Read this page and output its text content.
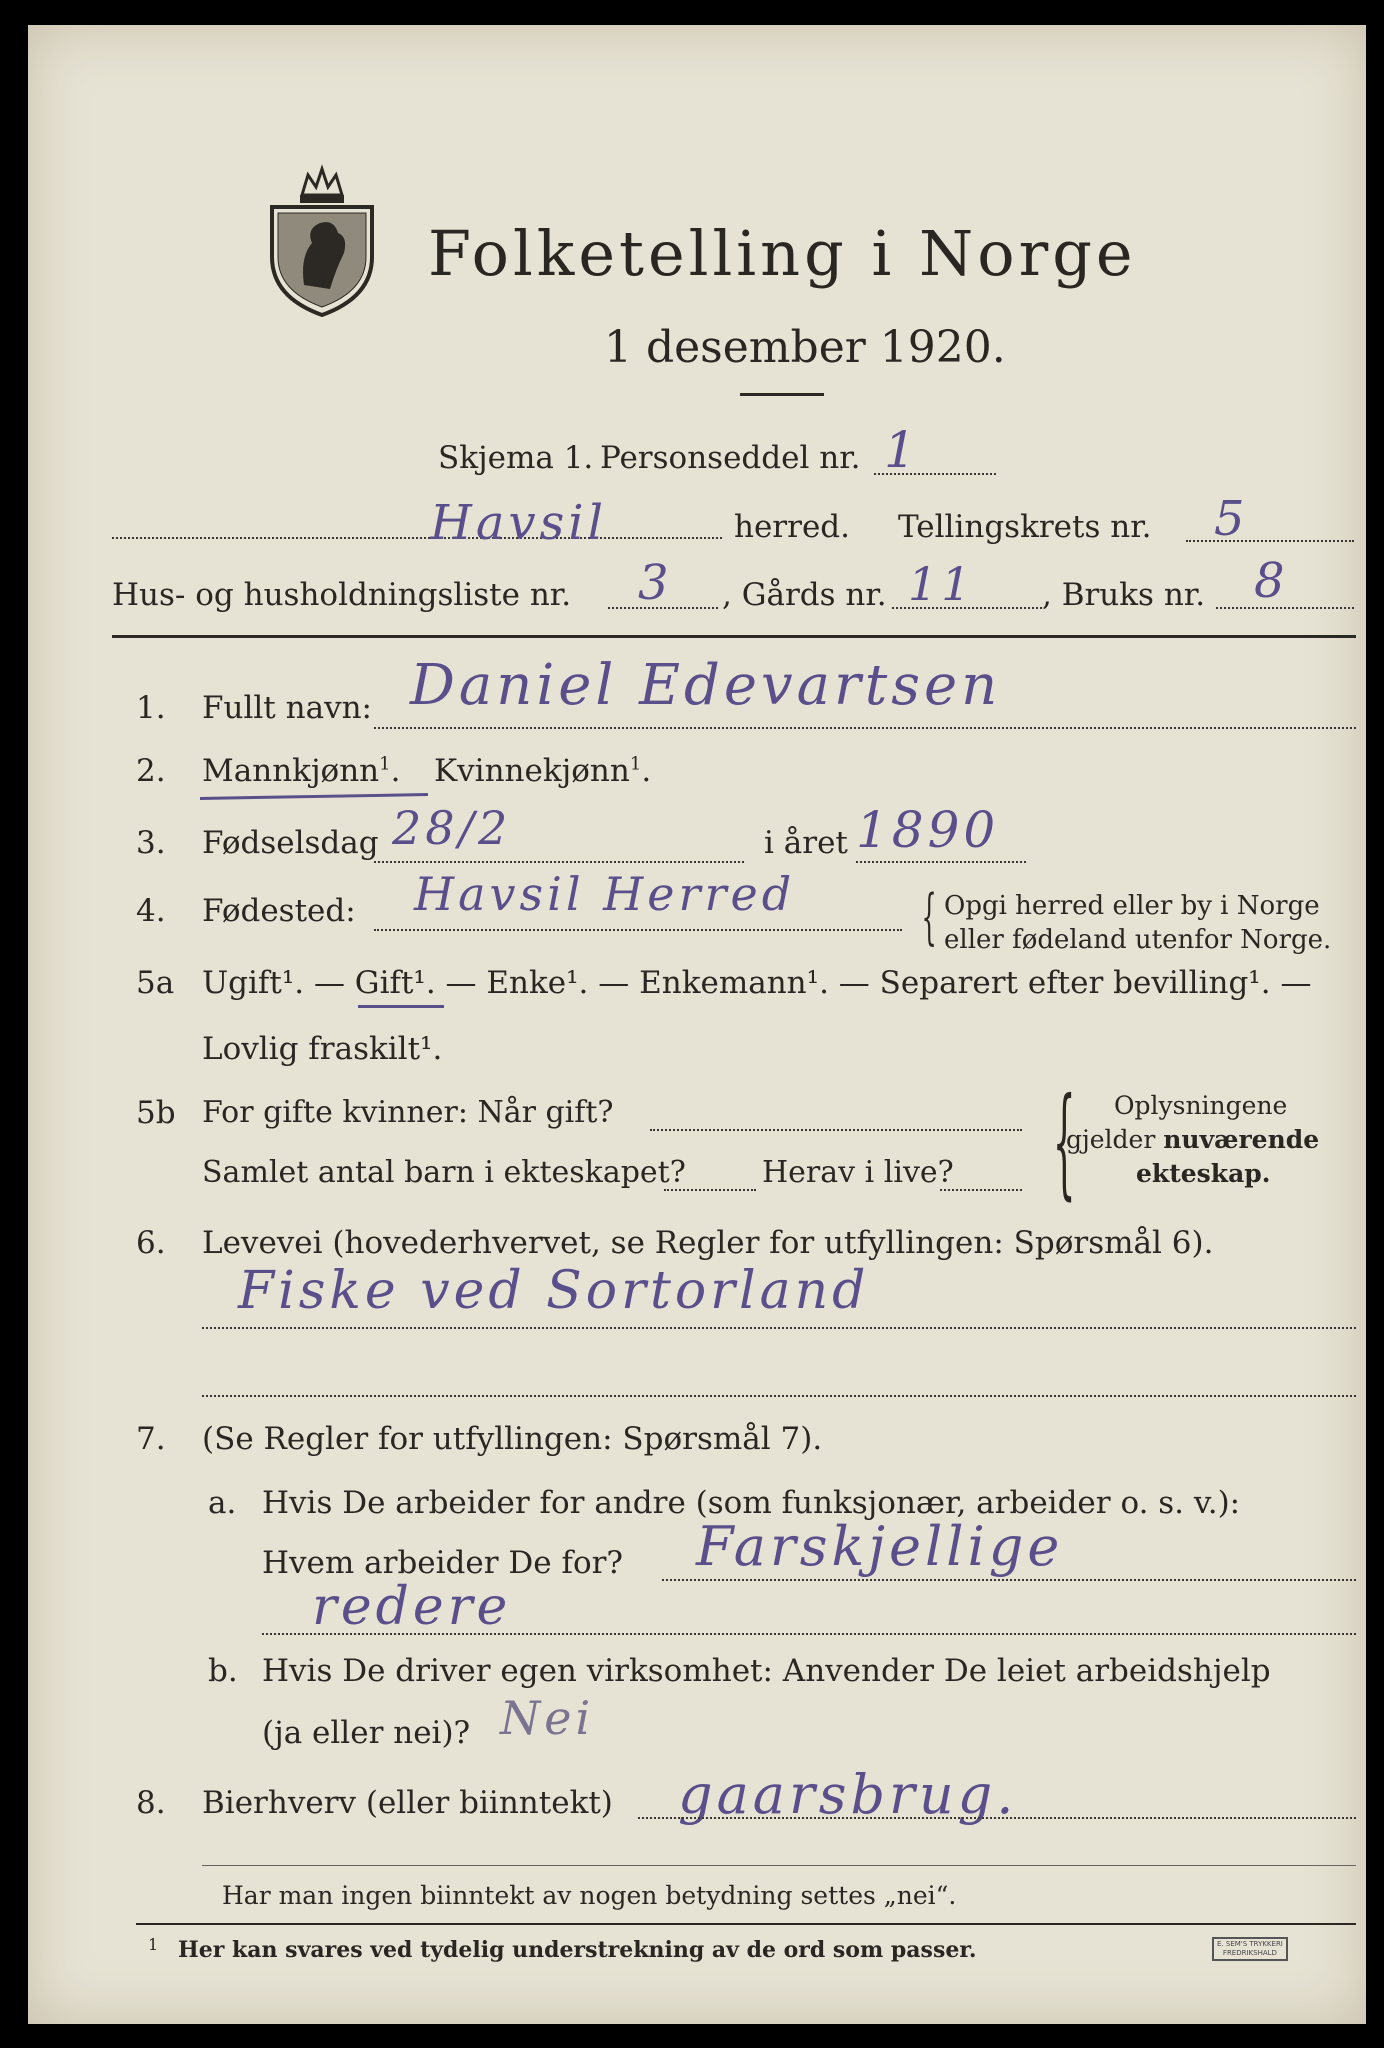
Folketelling i Norge
1 desember 1920.
Skjema 1. Personseddel nr. 1
Havsil	herred. Tellingskrets nr. 5
Hus- og husholdningsliste nr. 3 , Gårds nr. 11 , Bruks nr. 8
1. Fullt navn: Daniel Edevartsen
2. Mannkjønn$^1$. Kvinnekjønn$^1$.
3. Fødselsdag 28/2	i året 1890
4. Fødested: Havsil Herred { Opgi herred eller by i Norge
eller fødeland utenfor Norge.
5a Ugift¹. — Gift¹. — Enke¹. — Enkemann¹. — Separert efter bevilling¹. —
Lovlig fraskilt¹.
5b For gifte kvinner: Når gift?
Samlet antal barn i ekteskapet?	Herav i live? { Oplysningene
gjelder nuværende
ekteskap.
6. Levevei (hovederhvervet, se Regler for utfyllingen: Spørsmål 6).
Fiske ved Sortorland
7. (Se Regler for utfyllingen: Spørsmål 7).
a. Hvis De arbeider for andre (som funksjonær, arbeider o. s. v.):
Hvem arbeider De for? Farskjellige
redere
b. Hvis De driver egen virksomhet: Anvender De leiet arbeidshjelp
(ja eller nei)? Nei
8. Bierhverv (eller biinntekt) gaarsbrug.
Har man ingen biinntekt av nogen betydning settes „nei“.
1 Her kan svares ved tydelig understrekning av de ord som passer.	E. SEM'S TRYKKERI
FREDRIKSHALD
